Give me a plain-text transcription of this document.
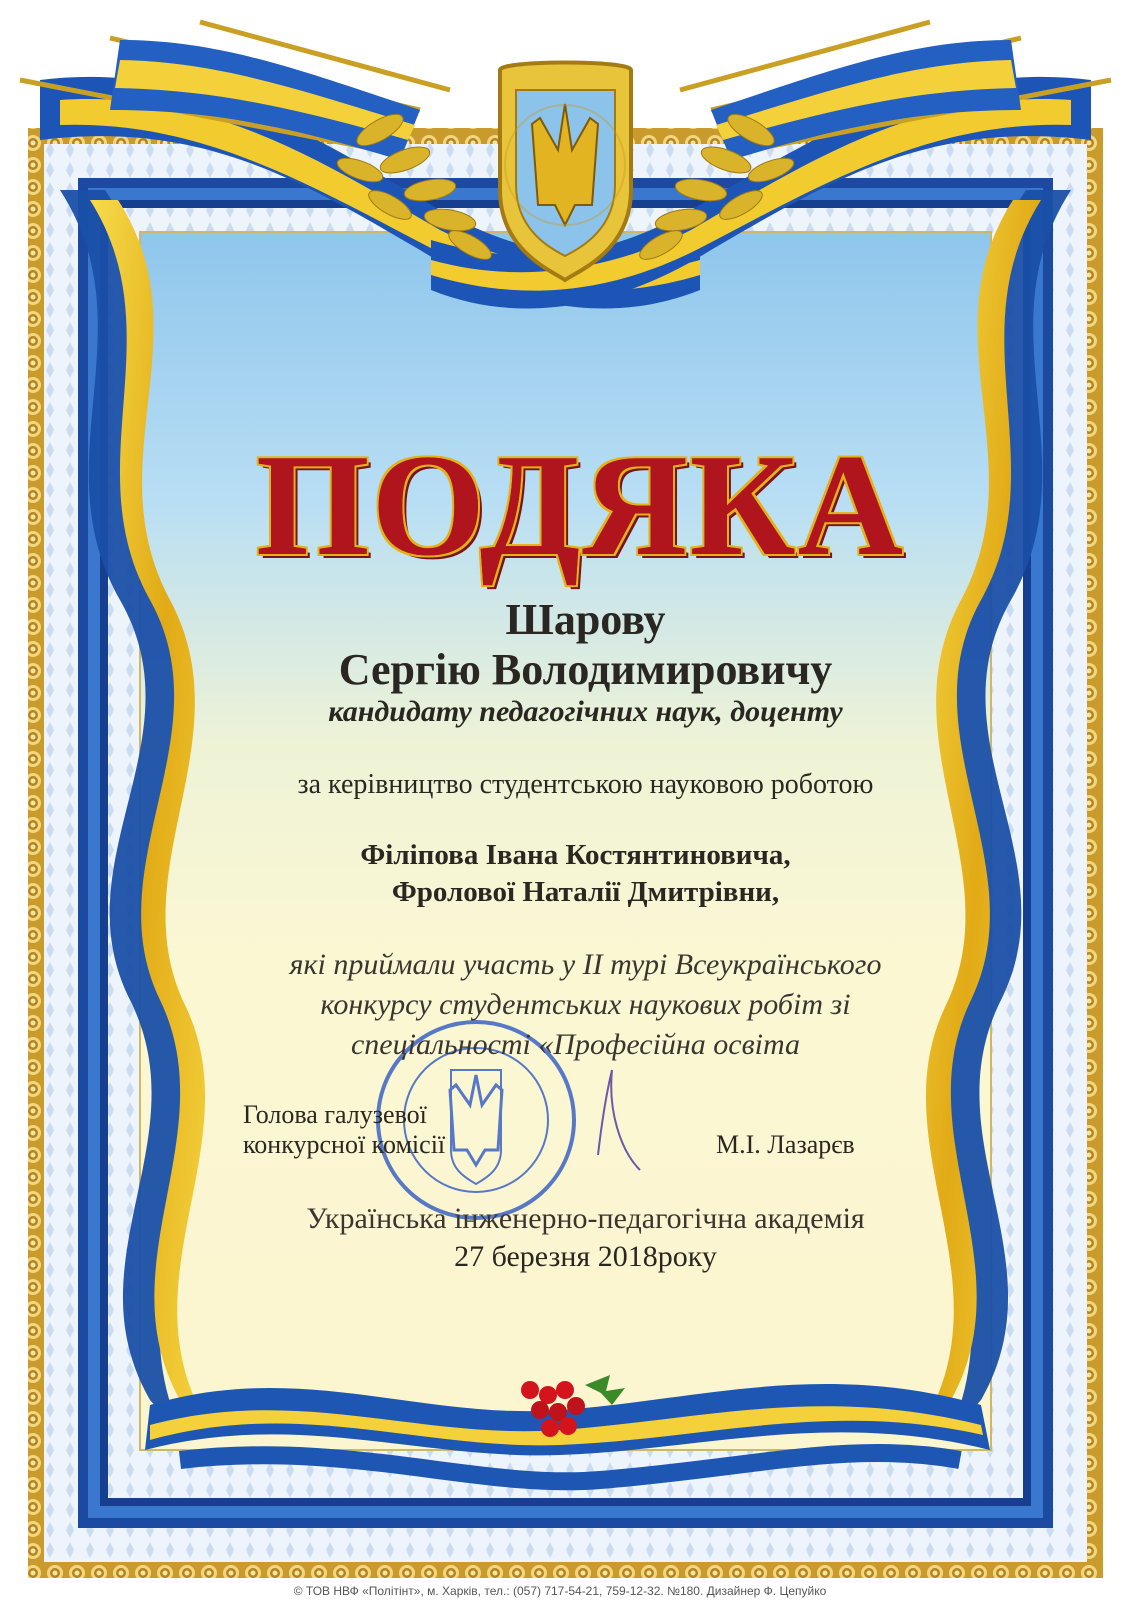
ПОДЯКА
Шарову
Сергію Володимировичу
кандидату педагогічних наук, доценту
за керівництво студентською науковою роботою
Філіпова Івана Костянтиновича,
Фролової Наталії Дмитрівни,
які приймали участь у II турі Всеукраїнського
конкурсу студентських наукових робіт зі
спеціальності «Професійна освіта
Голова галузевої
конкурсної комісії	М.І. Лазарєв
Українська інженерно-педагогічна академія
27 березня 2018року
© ТОВ НВФ «Політінт», м. Харків, тел.: (057) 717-54-21, 759-12-32. №180. Дизайнер Ф. Цепуйко
